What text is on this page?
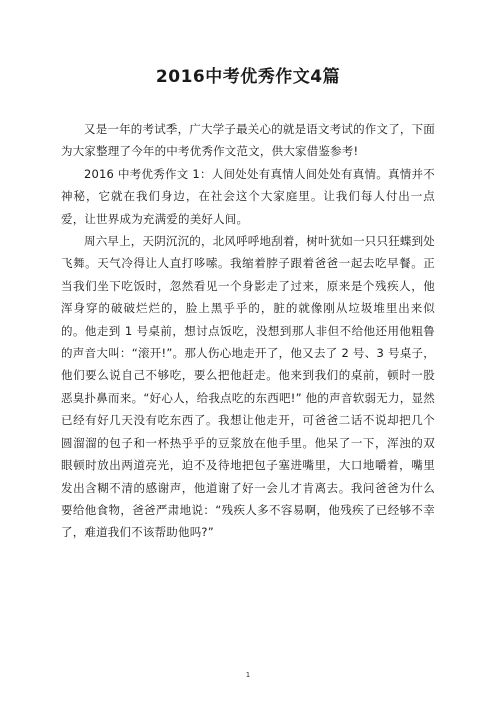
2016中考优秀作文4篇

又是一年的考试季，广大学子最关心的就是语文考试的作文了，下面 为大家整理了今年的中考优秀作文范文，供大家借鉴参考!

2016 中考优秀作文 1：人间处处有真情人间处处有真情。真情并不神秘，它就在我们身边，在社会这个大家庭里。让我们每人付出一点爱，让世界成为充满爱的美好人间。

周六早上，天阴沉沉的，北风呼呼地刮着，树叶犹如一只只狂蝶到处飞舞。天气冷得让人直打哆嗦。我缩着脖子跟着爸爸一起去吃早餐。正当我们坐下吃饭时，忽然看见一个身影走了过来，原来是个残疾人，他浑身穿的破破烂烂的，脸上黑乎乎的，脏的就像刚从垃圾堆里出来似的。他走到 1 号桌前，想讨点饭吃，没想到那人非但不给他还用他粗鲁的声音大叫：“滚开!”。那人伤心地走开了，他又去了 2 号、3 号桌子，他们要么说自己不够吃，要么把他赶走。他来到我们的桌前，顿时一股恶臭扑鼻而来。“好心人，给我点吃的东西吧!” 他的声音软弱无力，显然已经有好几天没有吃东西了。我想让他走开，可爸爸二话不说却把几个圆溜溜的包子和一杯热乎乎的豆浆放在他手里。他呆了一下，浑浊的双眼顿时放出两道亮光，迫不及待地把包子塞进嘴里，大口地嚼着，嘴里发出含糊不清的感谢声，他道谢了好一会儿才肯离去。我问爸爸为什么要给他食物，爸爸严肃地说：“残疾人多不容易啊，他残疾了已经够不幸了，难道我们不该帮助他吗?”

1
